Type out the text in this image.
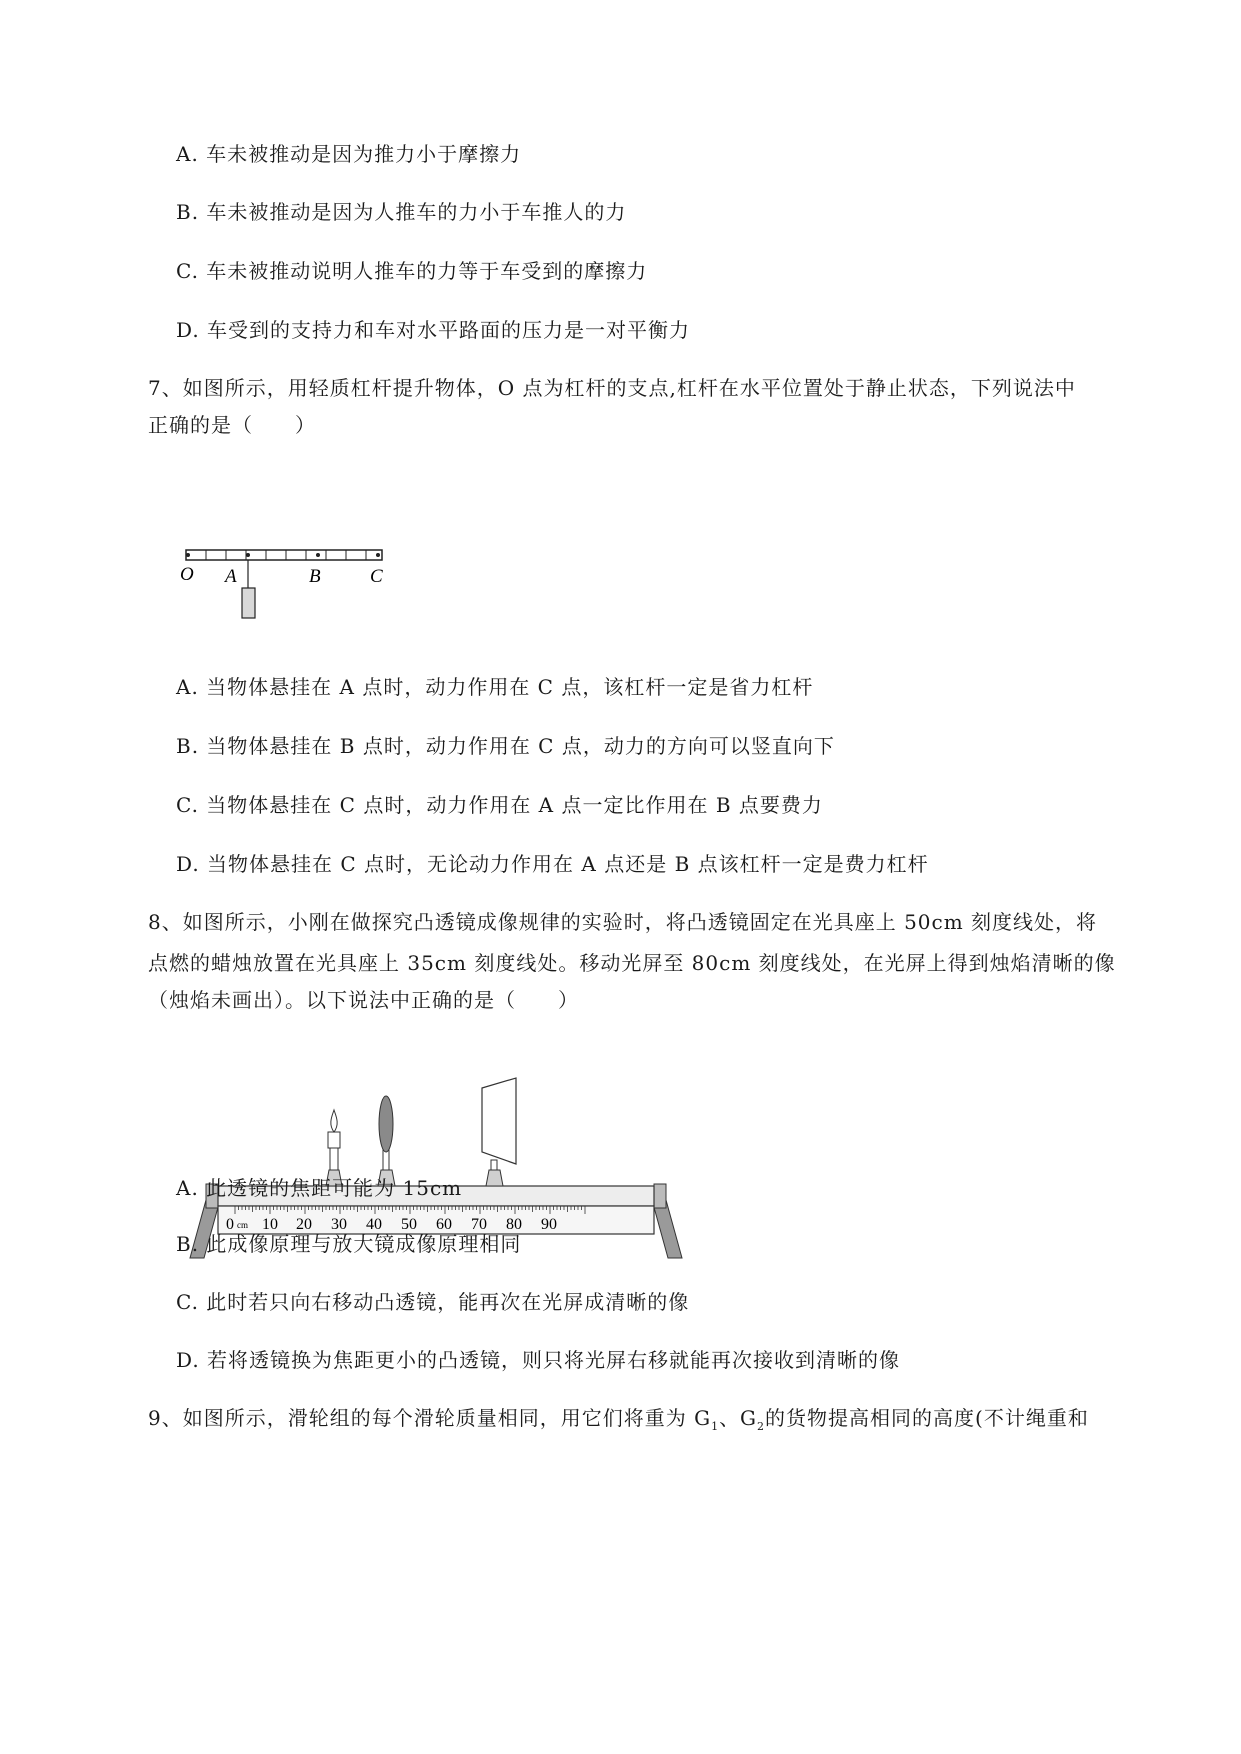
A. 车未被推动是因为推力小于摩擦力
B. 车未被推动是因为人推车的力小于车推人的力
C. 车未被推动说明人推车的力等于车受到的摩擦力
D. 车受到的支持力和车对水平路面的压力是一对平衡力
7、如图所示，用轻质杠杆提升物体，O 点为杠杆的支点,杠杆在水平位置处于静止状态，下列说法中
正确的是（　　）
O A	B	C
A. 当物体悬挂在 A 点时，动力作用在 C 点，该杠杆一定是省力杠杆
B. 当物体悬挂在 B 点时，动力作用在 C 点，动力的方向可以竖直向下
C. 当物体悬挂在 C 点时，动力作用在 A 点一定比作用在 B 点要费力
D. 当物体悬挂在 C 点时，无论动力作用在 A 点还是 B 点该杠杆一定是费力杠杆
8、如图所示，小刚在做探究凸透镜成像规律的实验时，将凸透镜固定在光具座上 50cm 刻度线处，将
点燃的蜡烛放置在光具座上 35cm 刻度线处。移动光屏至 80cm 刻度线处，在光屏上得到烛焰清晰的像
（烛焰未画出）。以下说法中正确的是（　　）
0 cm 10 20 30 40 50 60 70 80 90
A. 此透镜的焦距可能为 15cm
B. 此成像原理与放大镜成像原理相同
C. 此时若只向右移动凸透镜，能再次在光屏成清晰的像
D. 若将透镜换为焦距更小的凸透镜，则只将光屏右移就能再次接收到清晰的像
9、如图所示，滑轮组的每个滑轮质量相同，用它们将重为 $G_1$、$G_2$的货物提高相同的高度(不计绳重和
